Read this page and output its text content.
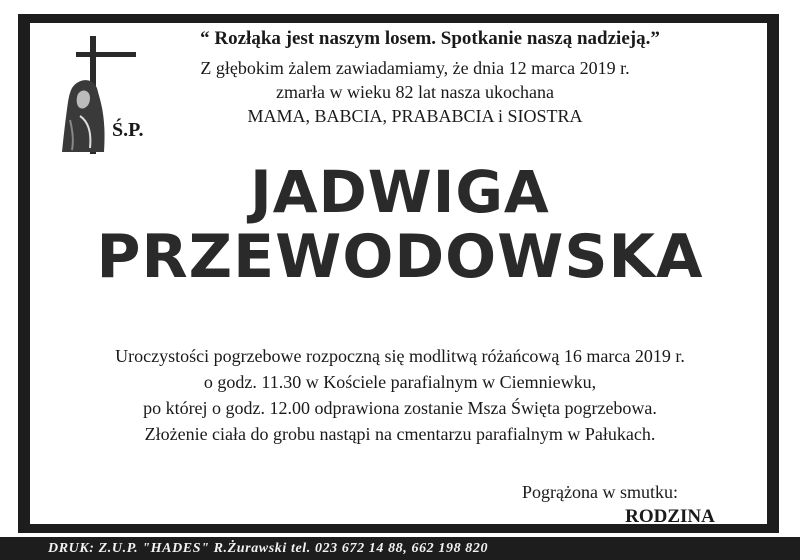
“ Rozłąka jest naszym losem. Spotkanie naszą nadzieją.”
Z głębokim żalem zawiadamiamy, że dnia 12 marca 2019 r.
zmarła w wieku 82 lat nasza ukochana
MAMA, BABCIA, PRABABCIA i SIOSTRA
Ś.P.
JADWIGA
PRZEWODOWSKA
Uroczystości pogrzebowe rozpoczną się modlitwą różańcową 16 marca 2019 r.
o godz. 11.30 w Kościele parafialnym w Ciemniewku,
po której o godz. 12.00 odprawiona zostanie Msza Święta pogrzebowa.
Złożenie ciała do grobu nastąpi na cmentarzu parafialnym w Pałukach.
Pogrążona w smutku:
RODZINA
DRUK: Z.U.P. "HADES" R.Żurawski tel. 023 672 14 88, 662 198 820
